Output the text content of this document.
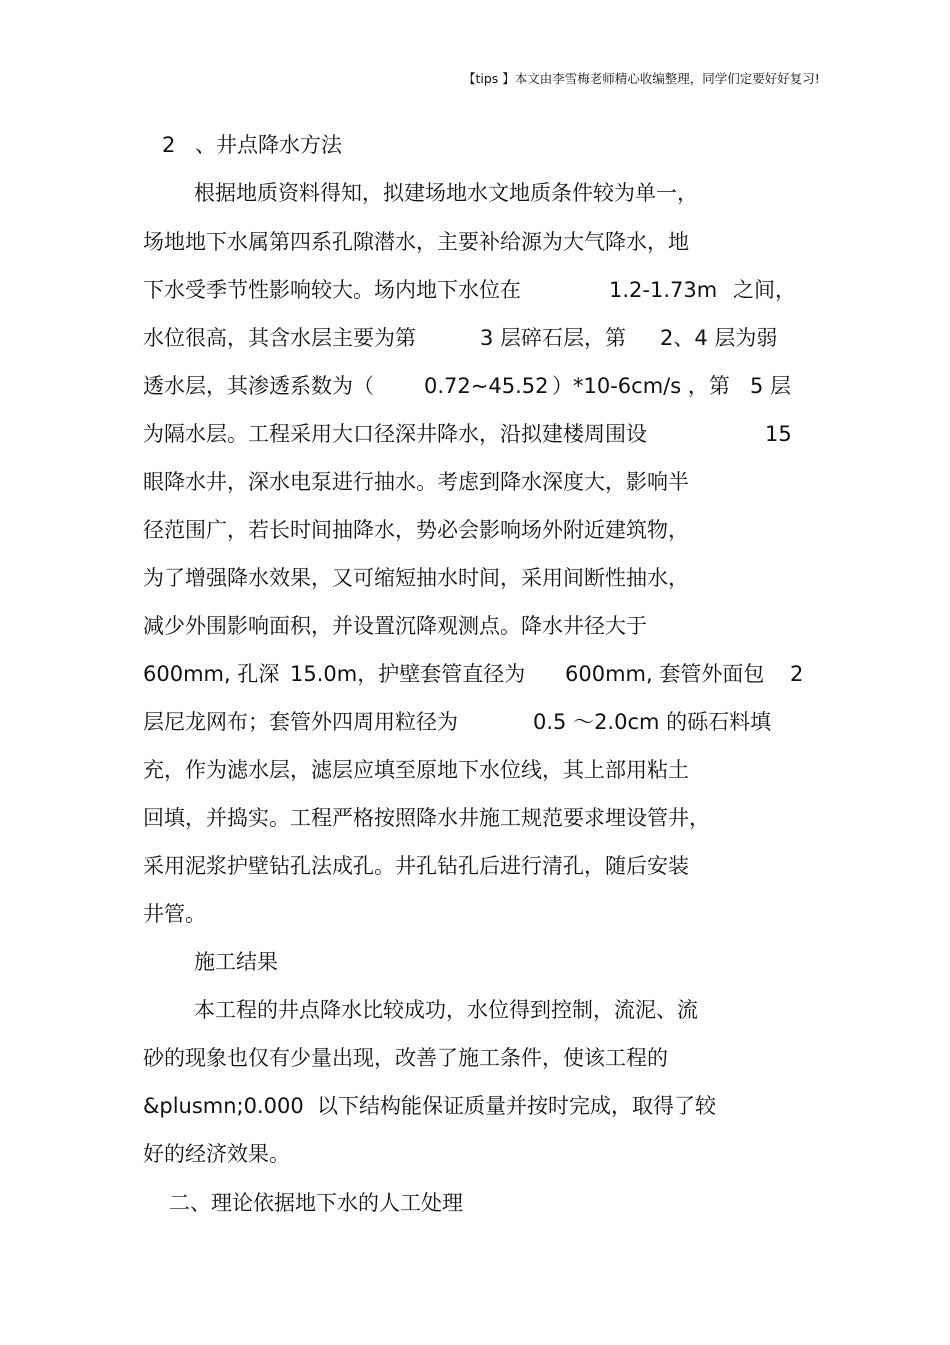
【tips 】本文由李雪梅老师精心收编整理，同学们定要好好复习!
2 、井点降水方法
根据地质资料得知，拟建场地水文地质条件较为单一，
场地地下水属第四系孔隙潜水，主要补给源为大气降水，地
下水受季节性影响较大。场内地下水位在	1.2-1.73m 之间，
水位很高，其含水层主要为第	3 层碎石层，第 2、4 层为弱
透水层，其渗透系数为（ 0.72~45.52 ）*10-6cm/s ，第 5 层
为隔水层。工程采用大口径深井降水，沿拟建楼周围设	15
眼降水井，深水电泵进行抽水。考虑到降水深度大，影响半
径范围广，若长时间抽降水，势必会影响场外附近建筑物，
为了增强降水效果，又可缩短抽水时间，采用间断性抽水，
减少外围影响面积，并设置沉降观测点。降水井径大于
600mm, 孔深 15.0m，护壁套管直径为 600mm, 套管外面包 2
层尼龙网布；套管外四周用粒径为	0.5 ～2.0cm 的砾石料填
充，作为滤水层，滤层应填至原地下水位线，其上部用粘土
回填，并捣实。工程严格按照降水井施工规范要求埋设管井，
采用泥浆护壁钻孔法成孔。井孔钻孔后进行清孔，随后安装
井管。
施工结果
本工程的井点降水比较成功，水位得到控制，流泥、流
砂的现象也仅有少量出现，改善了施工条件，使该工程的
&plusmn;0.000 以下结构能保证质量并按时完成，取得了较
好的经济效果。
二、理论依据地下水的人工处理
